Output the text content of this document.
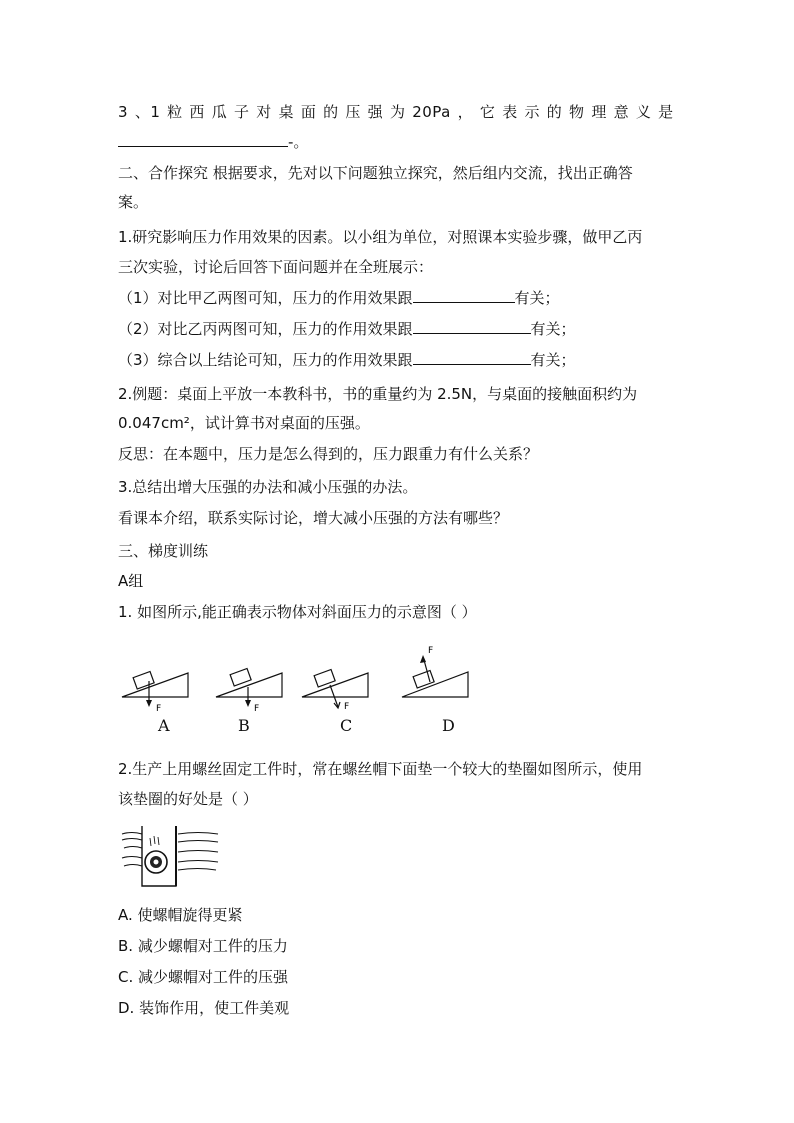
3 、1 粒 西 瓜 子 对 桌 面 的 压 强 为 20Pa ， 它 表 示 的 物 理 意 义 是
-。
二、合作探究 根据要求，先对以下问题独立探究，然后组内交流，找出正确答
案。
1.研究影响压力作用效果的因素。以小组为单位，对照课本实验步骤，做甲乙丙
三次实验，讨论后回答下面问题并在全班展示：
（1）对比甲乙两图可知，压力的作用效果跟	有关；
（2）对比乙丙两图可知，压力的作用效果跟	有关；
（3）综合以上结论可知，压力的作用效果跟	有关；
2.例题：桌面上平放一本教科书，书的重量约为 2.5N，与桌面的接触面积约为
0.047cm²，试计算书对桌面的压强。
反思：在本题中，压力是怎么得到的，压力跟重力有什么关系？
3.总结出增大压强的办法和减小压强的办法。
看课本介绍，联系实际讨论，增大减小压强的方法有哪些？
三、梯度训练
A组
1. 如图所示,能正确表示物体对斜面压力的示意图（ ）
F	F	F
F
A	B	C	D
2.生产上用螺丝固定工件时，常在螺丝帽下面垫一个较大的垫圈如图所示，使用
该垫圈的好处是（ ）
A. 使螺帽旋得更紧
B. 减少螺帽对工件的压力
C. 减少螺帽对工件的压强
D. 装饰作用，使工件美观
